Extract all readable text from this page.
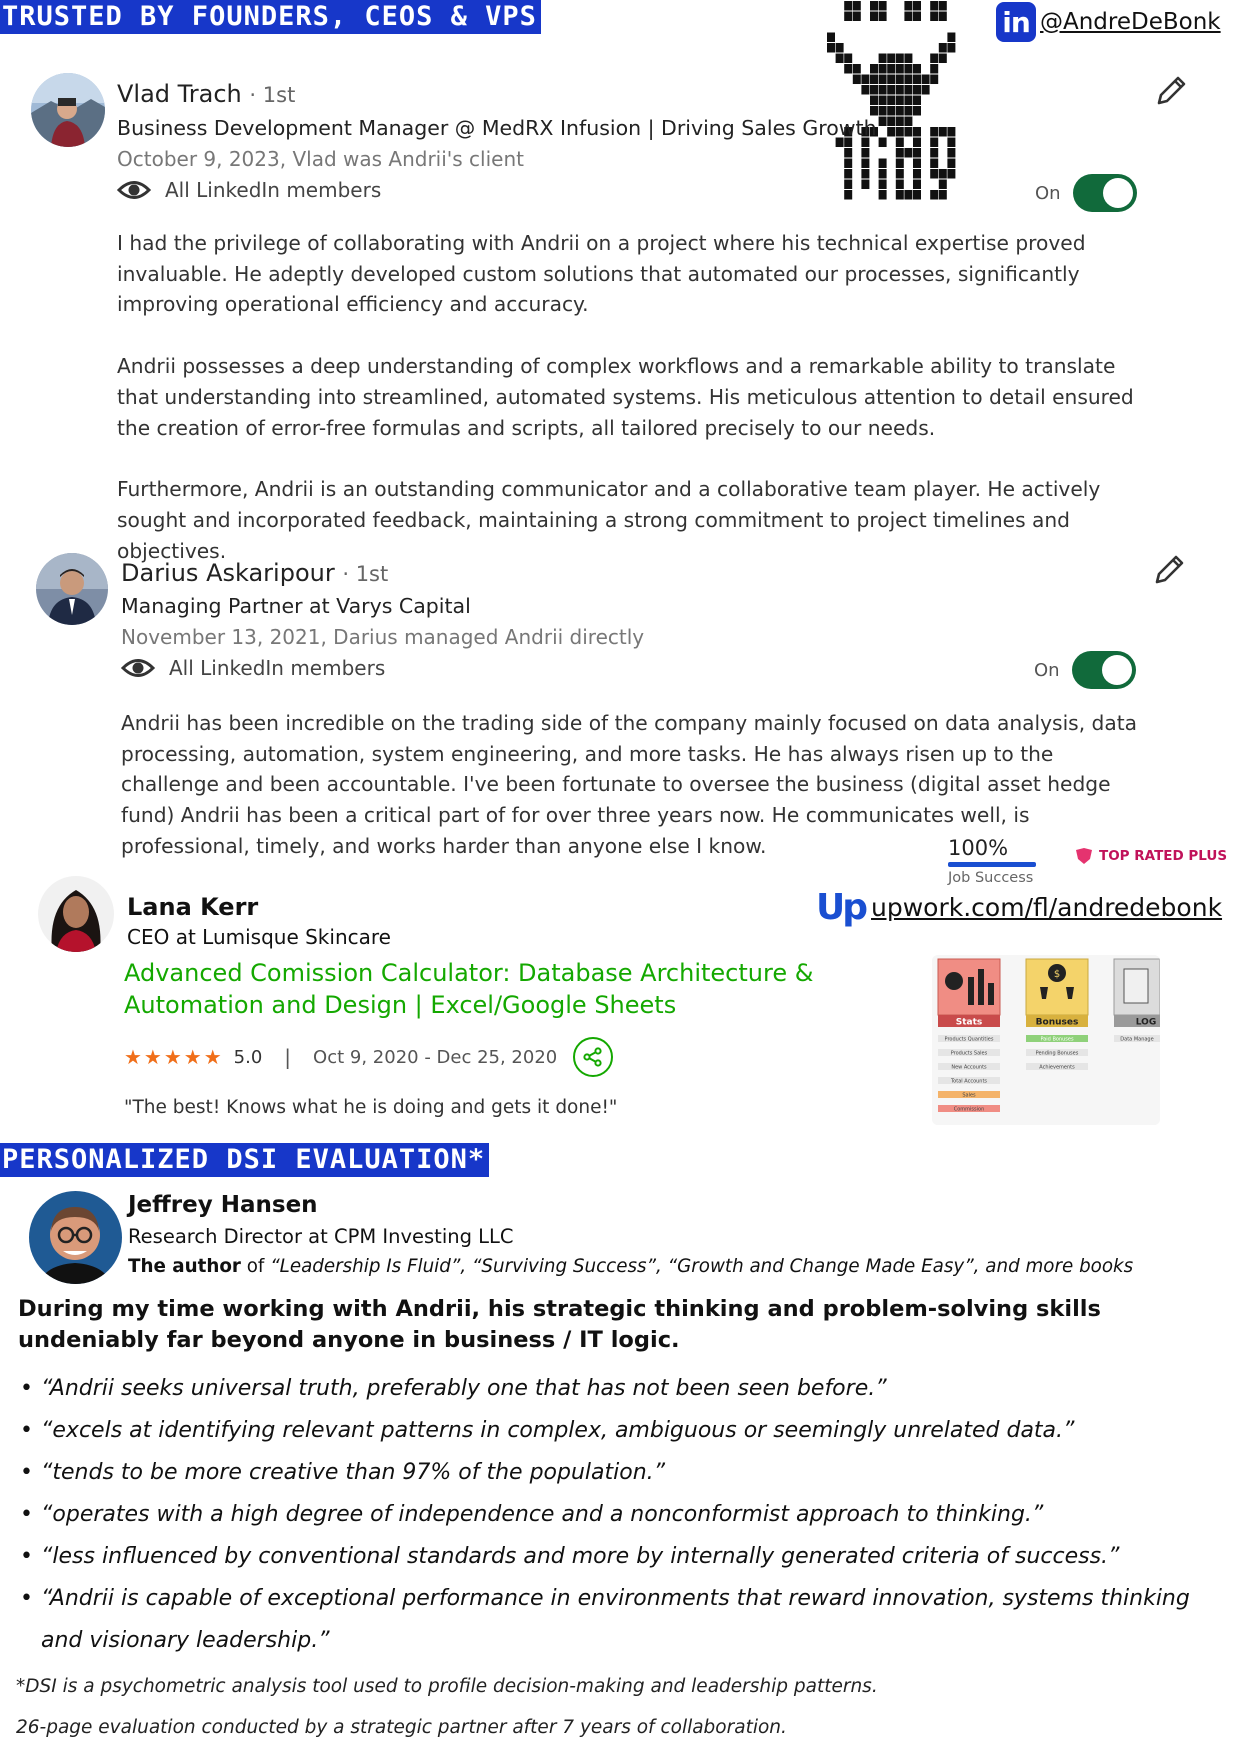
TRUSTED BY FOUNDERS, CEOS & VPS	in @AndreDeBonk
Vlad Trach · 1st
Business Development Manager @ MedRX Infusion | Driving Sales Growth
October 9, 2023, Vlad was Andrii's client
All LinkedIn members	On

I had the privilege of collaborating with Andrii on a project where his technical expertise proved invaluable. He adeptly developed custom solutions that automated our processes, significantly improving operational efficiency and accuracy.

Andrii possesses a deep understanding of complex workflows and a remarkable ability to translate that understanding into streamlined, automated systems. His meticulous attention to detail ensured the creation of error-free formulas and scripts, all tailored precisely to our needs.

Furthermore, Andrii is an outstanding communicator and a collaborative team player. He actively sought and incorporated feedback, maintaining a strong commitment to project timelines and objectives.

Darius Askaripour · 1st
Managing Partner at Varys Capital
November 13, 2021, Darius managed Andrii directly
All LinkedIn members	On

Andrii has been incredible on the trading side of the company mainly focused on data analysis, data processing, automation, system engineering, and more tasks. He has always risen up to the challenge and been accountable. I've been fortunate to oversee the business (digital asset hedge fund) Andrii has been a critical part of for over three years now. He communicates well, is professional, timely, and works harder than anyone else I know.	100%
Job Success
TOP RATED PLUS
Up upwork.com/fl/andredebonk
Lana Kerr
CEO at Lumisque Skincare
Advanced Comission Calculator: Database Architecture & Automation and Design | Excel/Google Sheets
★★★★★ 5.0 | Oct 9, 2020 - Dec 25, 2020
"The best! Knows what he is doing and gets it done!"
Stats
$
Bonuses	LOG
Products Quantities
Products Sales
New Accounts
Total Accounts
Sales
Commission
Paid Bonuses
Pending Bonuses
Achievements
Data Manage
PERSONALIZED DSI EVALUATION*
Jeffrey Hansen
Research Director at CPM Investing LLC
The author of “Leadership Is Fluid”, “Surviving Success”, “Growth and Change Made Easy”, and more books
During my time working with Andrii, his strategic thinking and problem-solving skills undeniably far beyond anyone in business / IT logic.
• “Andrii seeks universal truth, preferably one that has not been seen before.”
• “excels at identifying relevant patterns in complex, ambiguous or seemingly unrelated data.”
• “tends to be more creative than 97% of the population.”
• “operates with a high degree of independence and a nonconformist approach to thinking.”
• “less influenced by conventional standards and more by internally generated criteria of success.”
• “Andrii is capable of exceptional performance in environments that reward innovation, systems thinking and visionary leadership.”
*DSI is a psychometric analysis tool used to profile decision-making and leadership patterns.
26-page evaluation conducted by a strategic partner after 7 years of collaboration.
